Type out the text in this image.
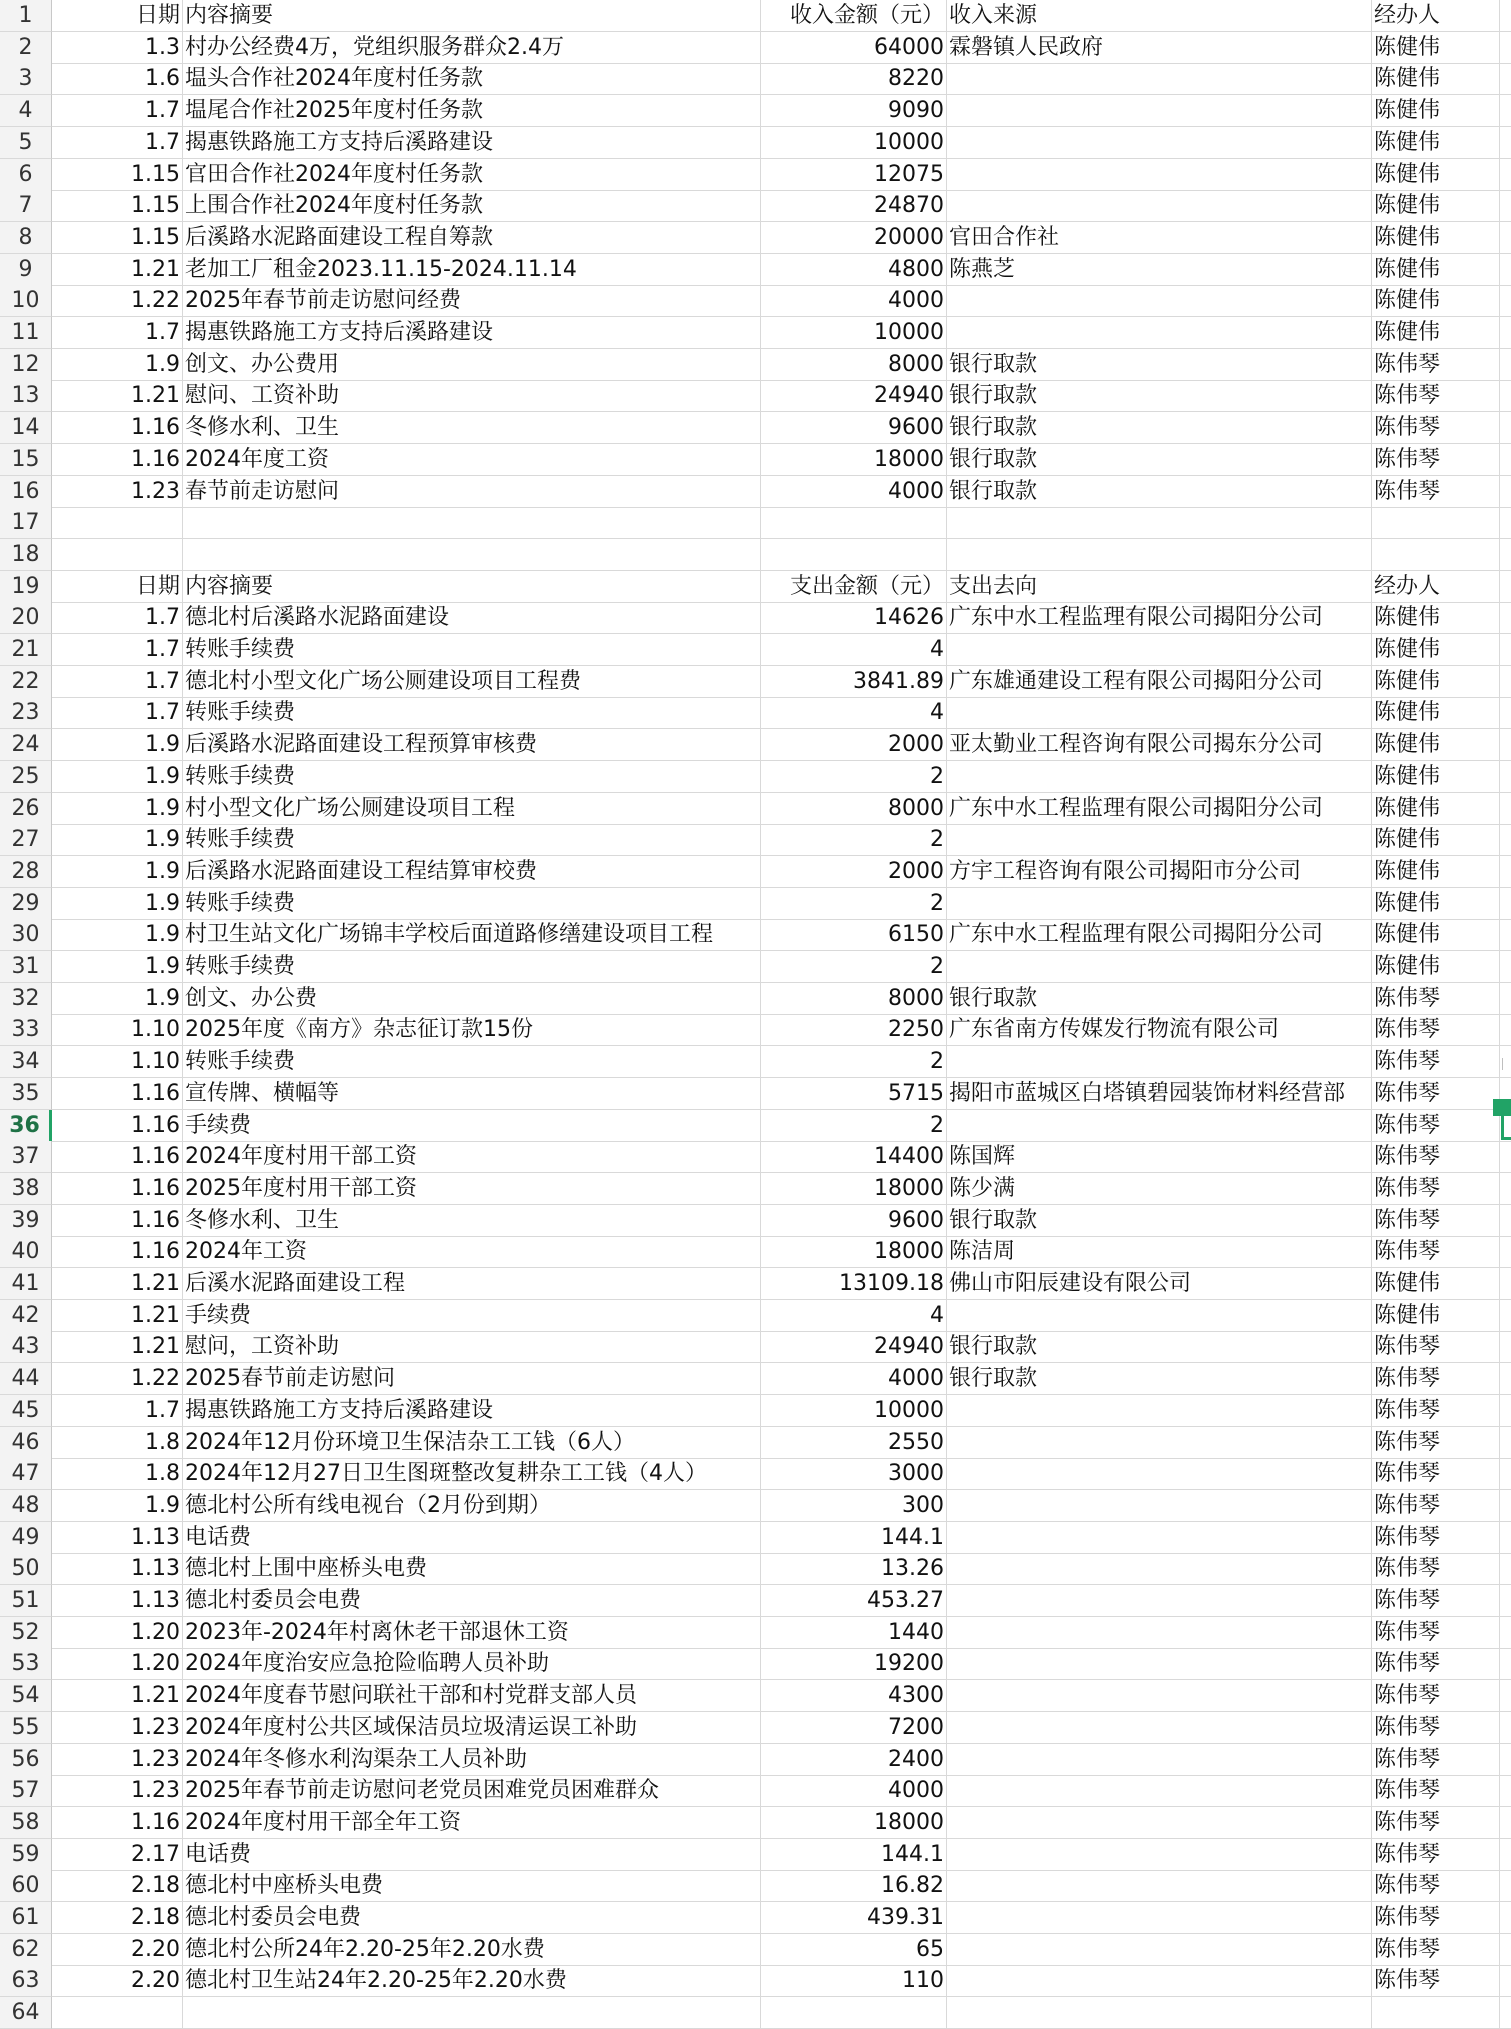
1	日期 内容摘要	收入金额（元） 收入来源	经办人
2	1.3 村办公经费4万，党组织服务群众2.4万	64000 霖磐镇人民政府	陈健伟
3	1.6 塭头合作社2024年度村任务款	8220	陈健伟
4	1.7 塭尾合作社2025年度村任务款	9090	陈健伟
5	1.7 揭惠铁路施工方支持后溪路建设	10000	陈健伟
6	1.15 官田合作社2024年度村任务款	12075	陈健伟
7	1.15 上围合作社2024年度村任务款	24870	陈健伟
8	1.15 后溪路水泥路面建设工程自筹款	20000 官田合作社	陈健伟
9	1.21 老加工厂租金2023.11.15-2024.11.14	4800 陈燕芝	陈健伟
10	1.22 2025年春节前走访慰问经费	4000	陈健伟
11	1.7 揭惠铁路施工方支持后溪路建设	10000	陈健伟
12	1.9 创文、办公费用	8000 银行取款	陈伟琴
13	1.21 慰问、工资补助	24940 银行取款	陈伟琴
14	1.16 冬修水利、卫生	9600 银行取款	陈伟琴
15	1.16 2024年度工资	18000 银行取款	陈伟琴
16	1.23 春节前走访慰问	4000 银行取款	陈伟琴
17
18
19	日期 内容摘要	支出金额（元） 支出去向	经办人
20	1.7 德北村后溪路水泥路面建设	14626 广东中水工程监理有限公司揭阳分公司	陈健伟
21	1.7 转账手续费	4	陈健伟
22	1.7 德北村小型文化广场公厕建设项目工程费	3841.89 广东雄通建设工程有限公司揭阳分公司	陈健伟
23	1.7 转账手续费	4	陈健伟
24	1.9 后溪路水泥路面建设工程预算审核费	2000 亚太勤业工程咨询有限公司揭东分公司	陈健伟
25	1.9 转账手续费	2	陈健伟
26	1.9 村小型文化广场公厕建设项目工程	8000 广东中水工程监理有限公司揭阳分公司	陈健伟
27	1.9 转账手续费	2	陈健伟
28	1.9 后溪路水泥路面建设工程结算审校费	2000 方宇工程咨询有限公司揭阳市分公司	陈健伟
29	1.9 转账手续费	2	陈健伟
30	1.9 村卫生站文化广场锦丰学校后面道路修缮建设项目工程	6150 广东中水工程监理有限公司揭阳分公司	陈健伟
31	1.9 转账手续费	2	陈健伟
32	1.9 创文、办公费	8000 银行取款	陈伟琴
33	1.10 2025年度《南方》杂志征订款15份	2250 广东省南方传媒发行物流有限公司	陈伟琴
34	1.10 转账手续费	2	陈伟琴
35	1.16 宣传牌、横幅等	5715 揭阳市蓝城区白塔镇碧园装饰材料经营部	陈伟琴
36	1.16 手续费	2	陈伟琴
37	1.16 2024年度村用干部工资	14400 陈国辉	陈伟琴
38	1.16 2025年度村用干部工资	18000 陈少满	陈伟琴
39	1.16 冬修水利、卫生	9600 银行取款	陈伟琴
40	1.16 2024年工资	18000 陈洁周	陈伟琴
41	1.21 后溪水泥路面建设工程	13109.18 佛山市阳辰建设有限公司	陈健伟
42	1.21 手续费	4	陈健伟
43	1.21 慰问，工资补助	24940 银行取款	陈伟琴
44	1.22 2025春节前走访慰问	4000 银行取款	陈伟琴
45	1.7 揭惠铁路施工方支持后溪路建设	10000	陈伟琴
46	1.8 2024年12月份环境卫生保洁杂工工钱（6人）	2550	陈伟琴
47	1.8 2024年12月27日卫生图斑整改复耕杂工工钱（4人）	3000	陈伟琴
48	1.9 德北村公所有线电视台（2月份到期）	300	陈伟琴
49	1.13 电话费	144.1	陈伟琴
50	1.13 德北村上围中座桥头电费	13.26	陈伟琴
51	1.13 德北村委员会电费	453.27	陈伟琴
52	1.20 2023年-2024年村离休老干部退休工资	1440	陈伟琴
53	1.20 2024年度治安应急抢险临聘人员补助	19200	陈伟琴
54	1.21 2024年度春节慰问联社干部和村党群支部人员	4300	陈伟琴
55	1.23 2024年度村公共区域保洁员垃圾清运误工补助	7200	陈伟琴
56	1.23 2024年冬修水利沟渠杂工人员补助	2400	陈伟琴
57	1.23 2025年春节前走访慰问老党员困难党员困难群众	4000	陈伟琴
58	1.16 2024年度村用干部全年工资	18000	陈伟琴
59	2.17 电话费	144.1	陈伟琴
60	2.18 德北村中座桥头电费	16.82	陈伟琴
61	2.18 德北村委员会电费	439.31	陈伟琴
62	2.20 德北村公所24年2.20-25年2.20水费	65	陈伟琴
63	2.20 德北村卫生站24年2.20-25年2.20水费	110	陈伟琴
64
